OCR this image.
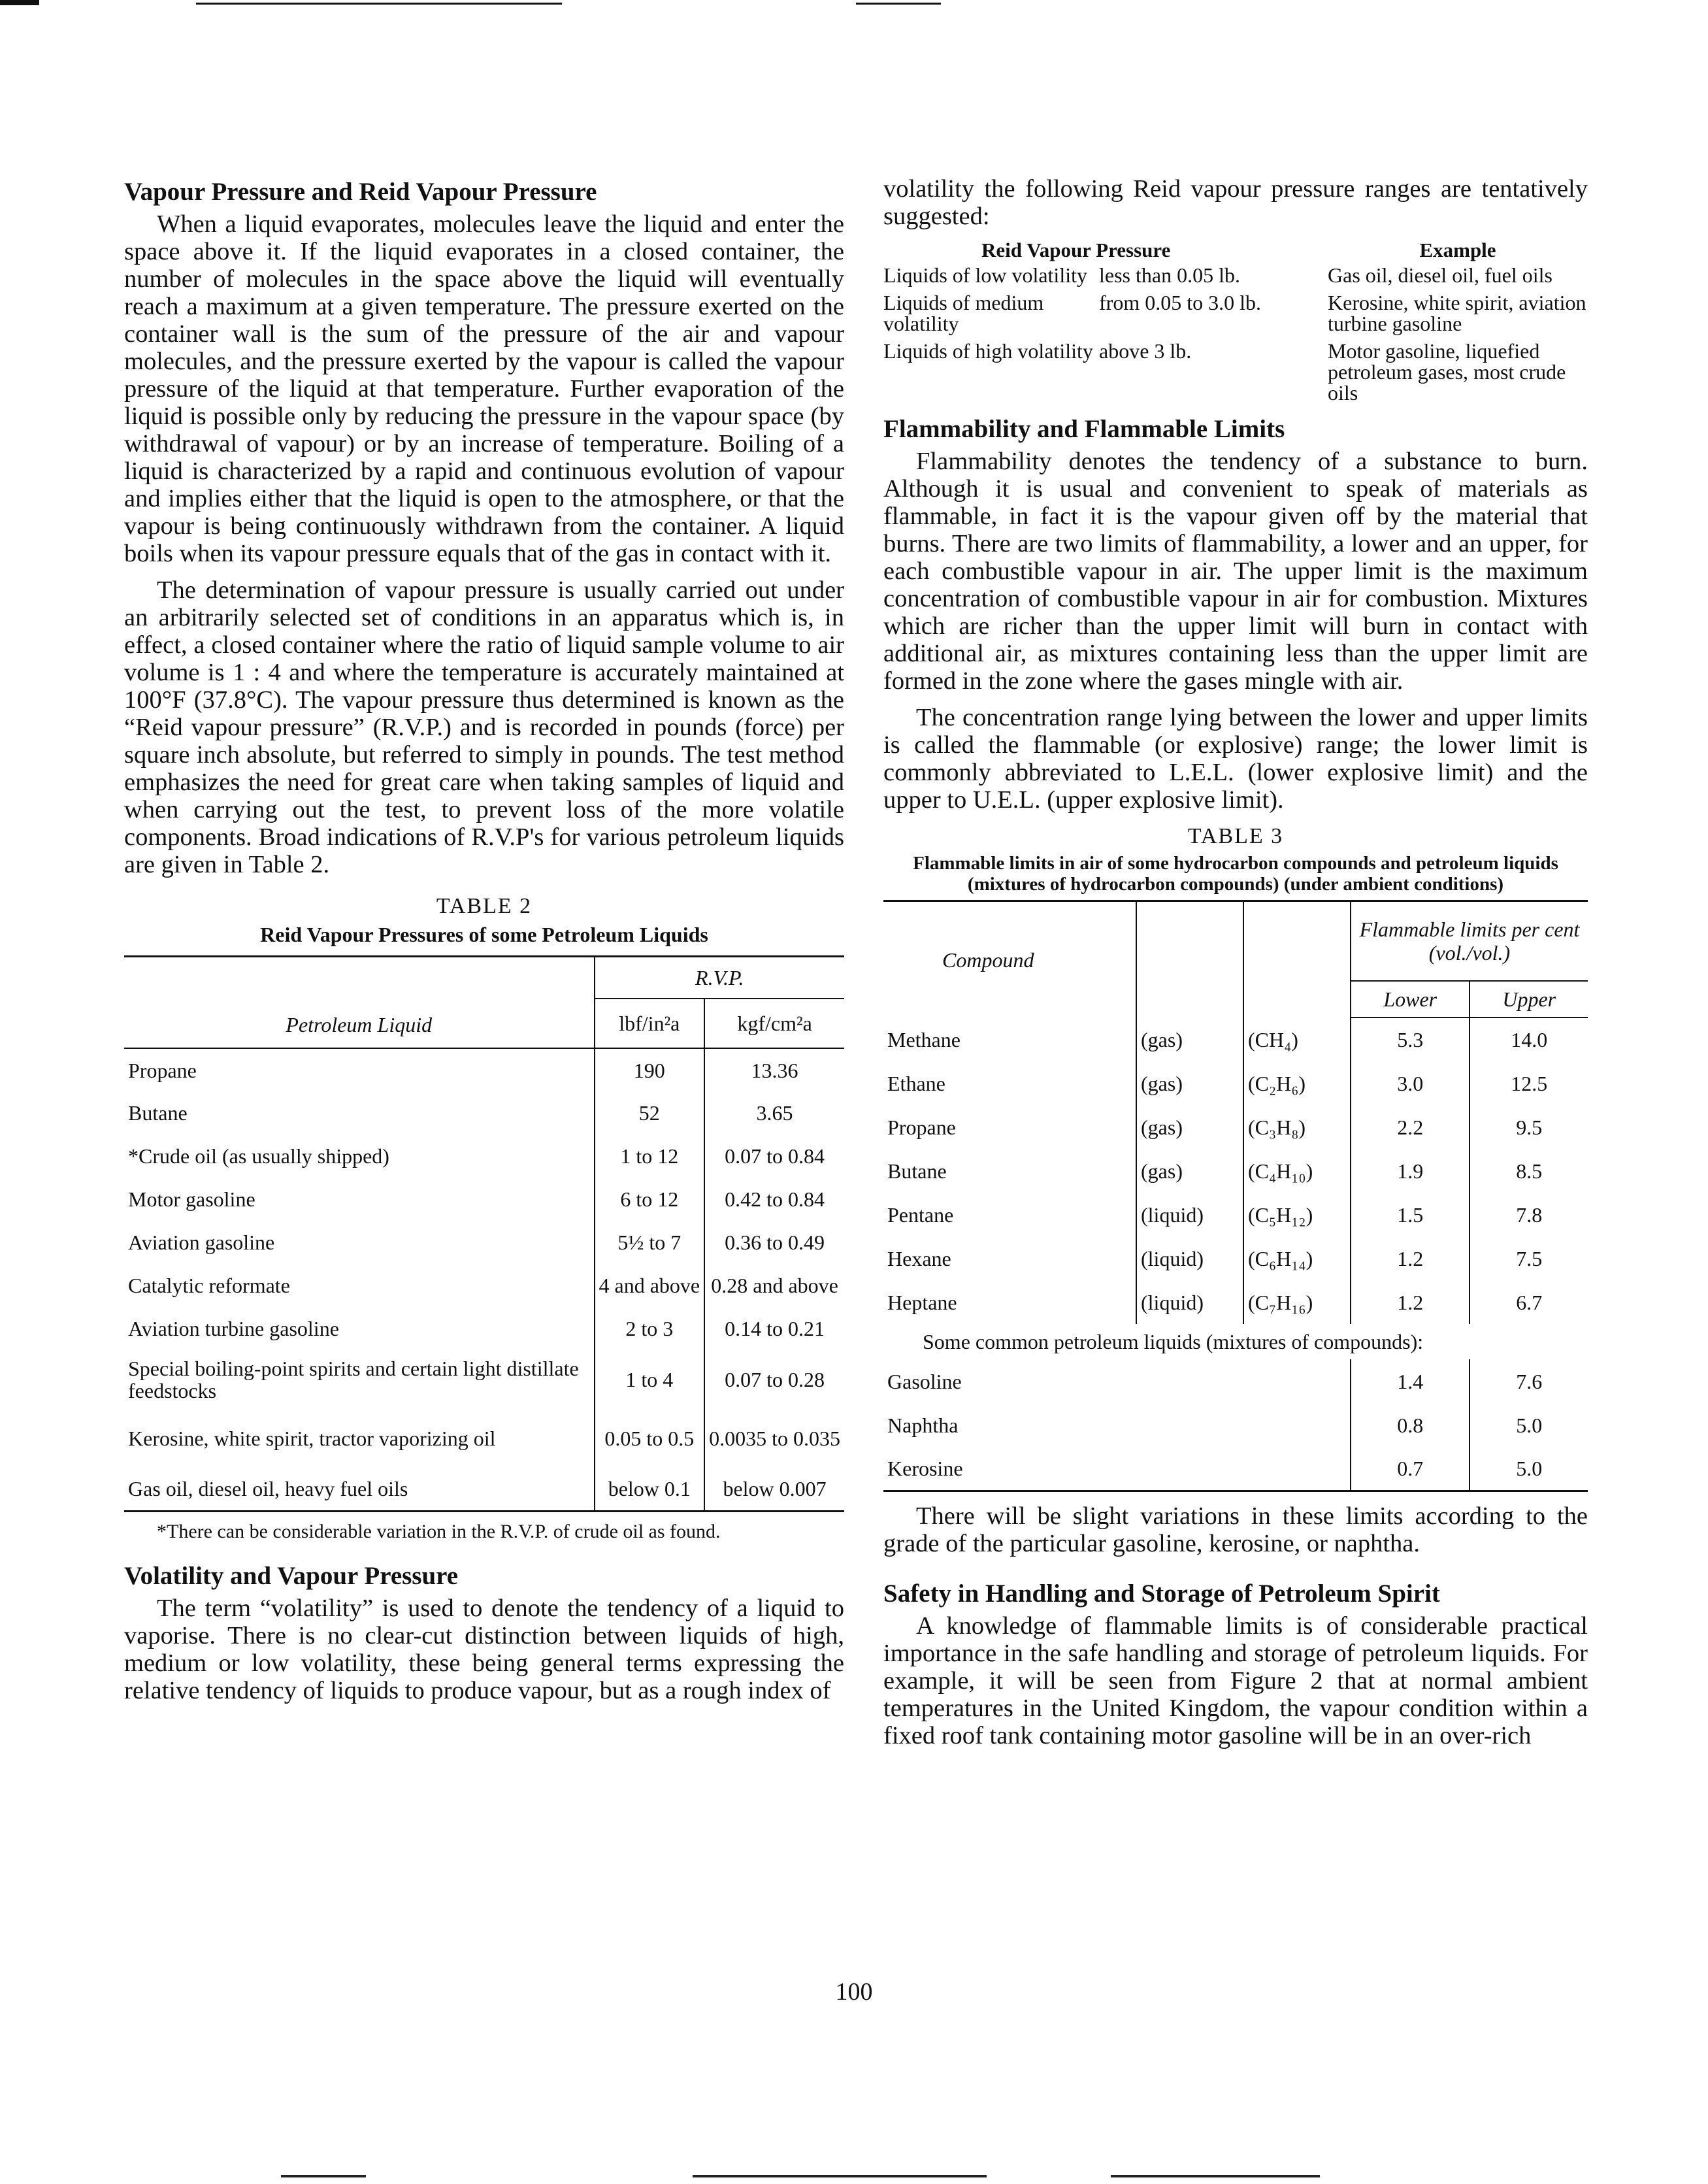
Vapour Pressure and Reid Vapour Pressure

When a liquid evaporates, molecules leave the liquid and enter the space above it. If the liquid evaporates in a closed container, the number of molecules in the space above the liquid will eventually reach a maximum at a given temperature. The pressure exerted on the container wall is the sum of the pressure of the air and vapour molecules, and the pressure exerted by the vapour is called the vapour pressure of the liquid at that temperature. Further evaporation of the liquid is possible only by reducing the pressure in the vapour space (by withdrawal of vapour) or by an increase of temperature. Boiling of a liquid is characterized by a rapid and continuous evolution of vapour and implies either that the liquid is open to the atmosphere, or that the vapour is being continuously withdrawn from the container. A liquid boils when its vapour pressure equals that of the gas in contact with it.

The determination of vapour pressure is usually carried out under an arbitrarily selected set of conditions in an apparatus which is, in effect, a closed container where the ratio of liquid sample volume to air volume is 1 : 4 and where the temperature is accurately maintained at 100°F (37.8°C). The vapour pressure thus determined is known as the “Reid vapour pressure” (R.V.P.) and is recorded in pounds (force) per square inch absolute, but referred to simply in pounds. The test method emphasizes the need for great care when taking samples of liquid and when carrying out the test, to prevent loss of the more volatile components. Broad indications of R.V.P's for various petroleum liquids are given in Table 2.

TABLE 2
Reid Vapour Pressures of some Petroleum Liquids
Petroleum Liquid	R.V.P.	
	lbf/in²a	kgf/cm²a
Propane	190	13.36
Butane	52	3.65
*Crude oil (as usually shipped)	1 to 12	0.07 to 0.84
Motor gasoline	6 to 12	0.42 to 0.84
Aviation gasoline	5½ to 7	0.36 to 0.49
Catalytic reformate	4 and above	0.28 and above
Aviation turbine gasoline	2 to 3	0.14 to 0.21
Special boiling-point spirits and certain light distillate feedstocks	1 to 4	0.07 to 0.28
Kerosine, white spirit, tractor vaporizing oil	0.05 to 0.5	0.0035 to 0.035
Gas oil, diesel oil, heavy fuel oils	below 0.1	below 0.007
*There can be considerable variation in the R.V.P. of crude oil as found.
Volatility and Vapour Pressure

The term “volatility” is used to denote the tendency of a liquid to vaporise. There is no clear-cut distinction between liquids of high, medium or low volatility, these being general terms expressing the relative tendency of liquids to produce vapour, but as a rough index of

volatility the following Reid vapour pressure ranges are tentatively suggested:

Reid Vapour Pressure		Example
Liquids of low volatility	less than 0.05 lb.	Gas oil, diesel oil, fuel oils
Liquids of medium volatility	from 0.05 to 3.0 lb.	Kerosine, white spirit, aviation turbine gasoline
Liquids of high volatility	above 3 lb.	Motor gasoline, liquefied petroleum gases, most crude oils
Flammability and Flammable Limits

Flammability denotes the tendency of a substance to burn. Although it is usual and convenient to speak of materials as flammable, in fact it is the vapour given off by the material that burns. There are two limits of flammability, a lower and an upper, for each combustible vapour in air. The upper limit is the maximum concentration of combustible vapour in air for combustion. Mixtures which are richer than the upper limit will burn in contact with additional air, as mixtures containing less than the upper limit are formed in the zone where the gases mingle with air.

The concentration range lying between the lower and upper limits is called the flammable (or explosive) range; the lower limit is commonly abbreviated to L.E.L. (lower explosive limit) and the upper to U.E.L. (upper explosive limit).

TABLE 3
Flammable limits in air of some hydrocarbon compounds and petroleum liquids (mixtures of hydrocarbon compounds) (under ambient conditions)
Compound			Flammable limits per cent (vol./vol.)	
			Lower	Upper
Methane	(gas)	(CH₄)	5.3	14.0
Ethane	(gas)	(C₂H₆)	3.0	12.5
Propane	(gas)	(C₃H₈)	2.2	9.5
Butane	(gas)	(C₄H₁₀)	1.9	8.5
Pentane	(liquid)	(C₅H₁₂)	1.5	7.8
Hexane	(liquid)	(C₆H₁₄)	1.2	7.5
Heptane	(liquid)	(C₇H₁₆)	1.2	6.7
Some common petroleum liquids (mixtures of compounds):				
Gasoline			1.4	7.6
Naphtha			0.8	5.0
Kerosine			0.7	5.0

There will be slight variations in these limits according to the grade of the particular gasoline, kerosine, or naphtha.

Safety in Handling and Storage of Petroleum Spirit

A knowledge of flammable limits is of considerable practical importance in the safe handling and storage of petroleum liquids. For example, it will be seen from Figure 2 that at normal ambient temperatures in the United Kingdom, the vapour condition within a fixed roof tank containing motor gasoline will be in an over-rich

100
